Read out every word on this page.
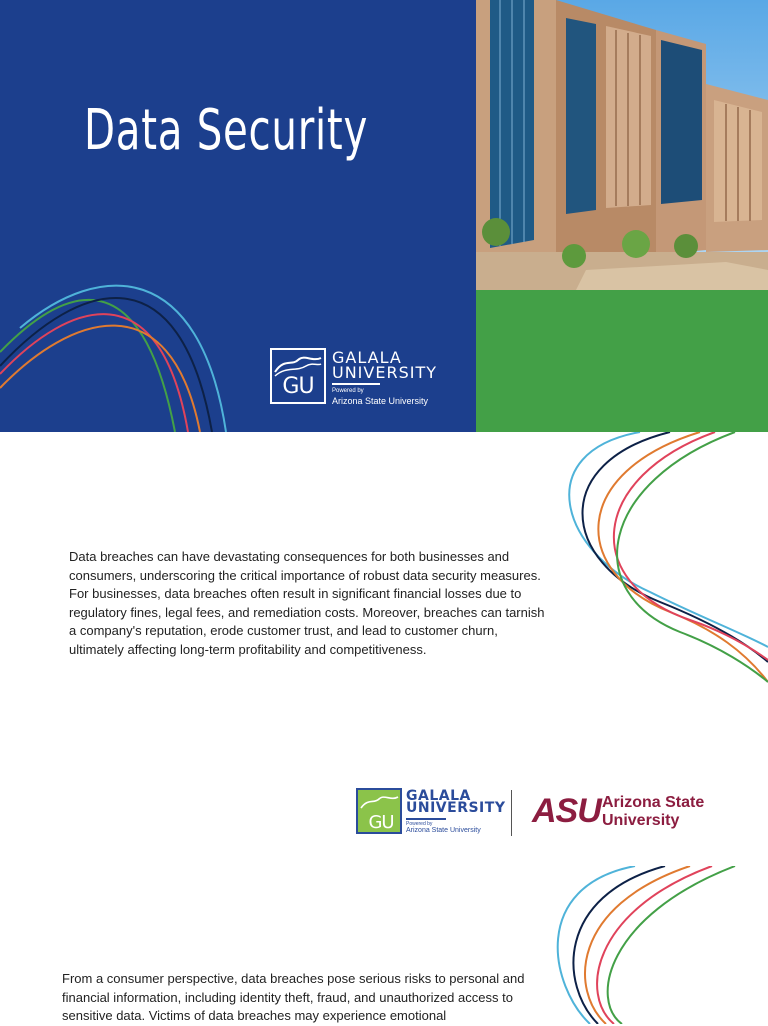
Data Security
GU
GALALA
UNIVERSITY
Powered by
Arizona State University

Data breaches can have devastating consequences for both businesses and consumers, underscoring the critical importance of robust data security measures. For businesses, data breaches often result in significant financial losses due to regulatory fines, legal fees, and remediation costs. Moreover, breaches can tarnish a company's reputation, erode customer trust, and lead to customer churn, ultimately affecting long-term profitability and competitiveness.

GU
GALALA
UNIVERSITY
Powered by
Arizona State University
ASU Arizona State
University

From a consumer perspective, data breaches pose serious risks to personal and financial information, including identity theft, fraud, and unauthorized access to sensitive data. Victims of data breaches may experience emotional
